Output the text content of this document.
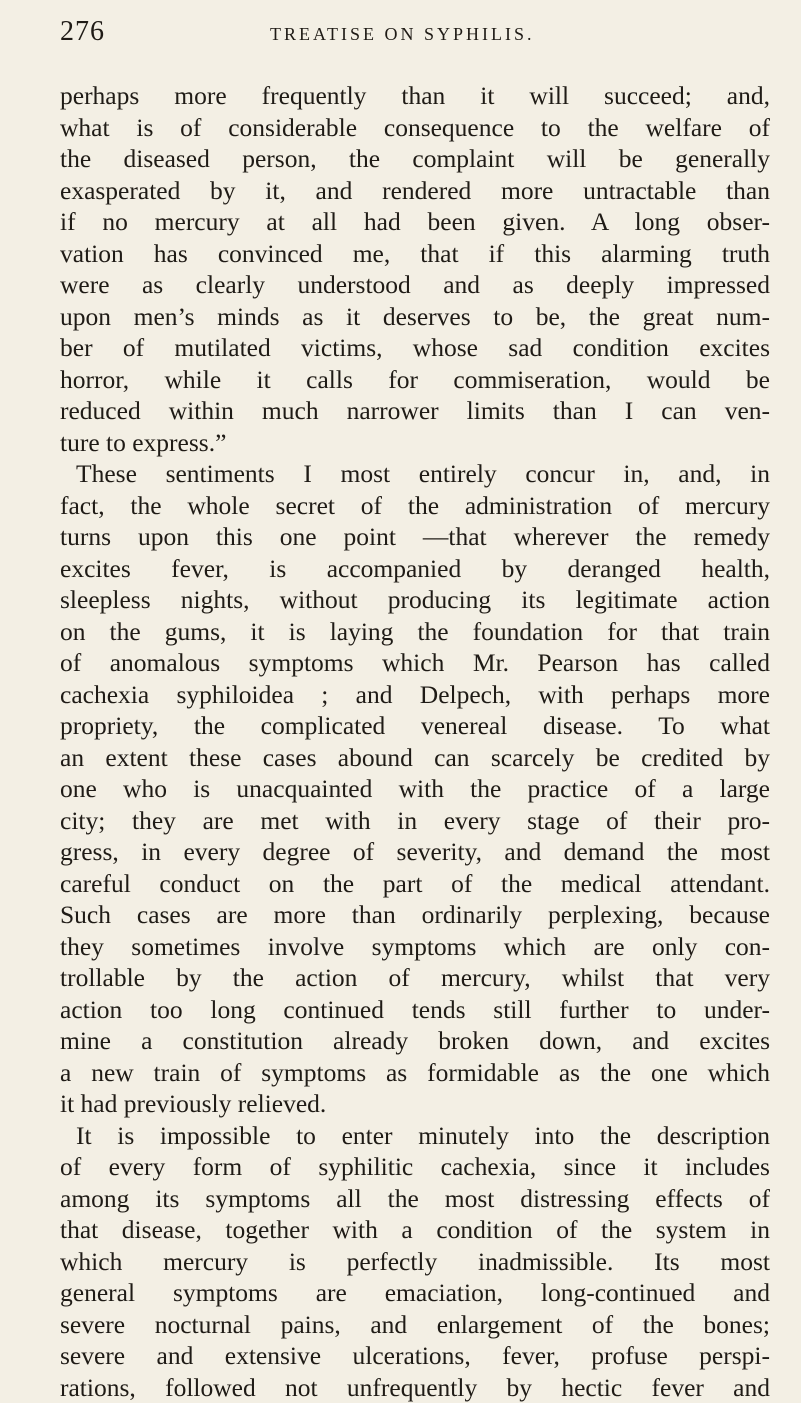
276	TREATISE ON SYPHILIS.
perhaps more frequently than it will succeed; and,
what is of considerable consequence to the welfare of
the diseased person, the complaint will be generally
exasperated by it, and rendered more untractable than
if no mercury at all had been given. A long obser-
vation has convinced me, that if this alarming truth
were as clearly understood and as deeply impressed
upon men’s minds as it deserves to be, the great num-
ber of mutilated victims, whose sad condition excites
horror, while it calls for commiseration, would be
reduced within much narrower limits than I can ven-
ture to express.”
These sentiments I most entirely concur in, and, in
fact, the whole secret of the administration of mercury
turns upon this one point —that wherever the remedy
excites fever, is accompanied by deranged health,
sleepless nights, without producing its legitimate action
on the gums, it is laying the foundation for that train
of anomalous symptoms which Mr. Pearson has called
cachexia syphiloidea ; and Delpech, with perhaps more
propriety, the complicated venereal disease. To what
an extent these cases abound can scarcely be credited by
one who is unacquainted with the practice of a large
city; they are met with in every stage of their pro-
gress, in every degree of severity, and demand the most
careful conduct on the part of the medical attendant.
Such cases are more than ordinarily perplexing, because
they sometimes involve symptoms which are only con-
trollable by the action of mercury, whilst that very
action too long continued tends still further to under-
mine a constitution already broken down, and excites
a new train of symptoms as formidable as the one which
it had previously relieved.
It is impossible to enter minutely into the description
of every form of syphilitic cachexia, since it includes
among its symptoms all the most distressing effects of
that disease, together with a condition of the system in
which mercury is perfectly inadmissible. Its most
general symptoms are emaciation, long-continued and
severe nocturnal pains, and enlargement of the bones;
severe and extensive ulcerations, fever, profuse perspi-
rations, followed not unfrequently by hectic fever and
